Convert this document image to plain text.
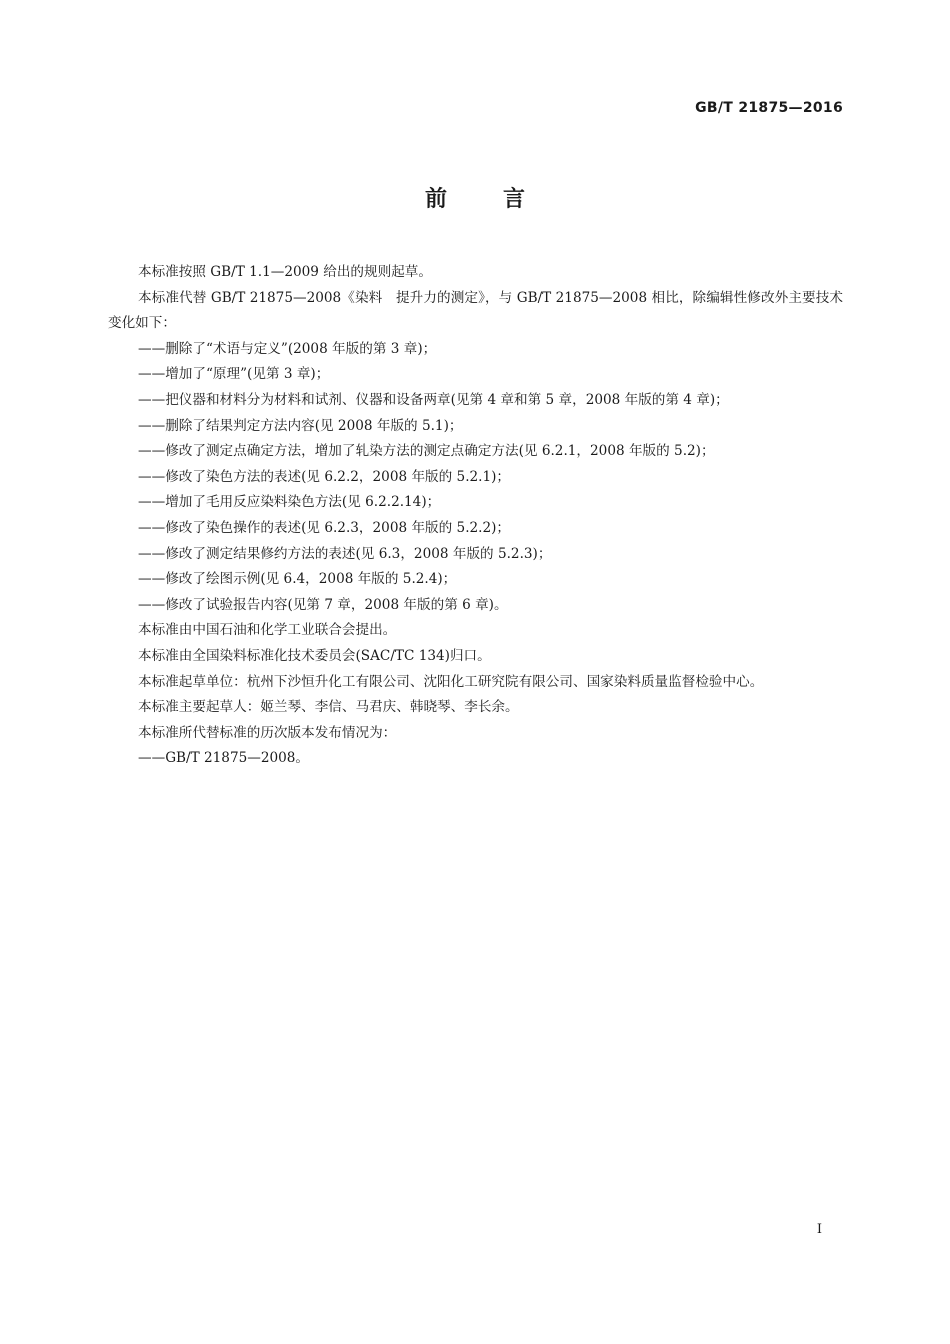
GB/T 21875—2016
前言

本标准按照 GB/T 1.1—2009 给出的规则起草。

本标准代替 GB/T 21875—2008《染料　提升力的测定》，与 GB/T 21875—2008 相比，除编辑性修改外主要技术变化如下：

——删除了“术语与定义”(2008 年版的第 3 章)；

——增加了“原理”(见第 3 章)；

——把仪器和材料分为材料和试剂、仪器和设备两章(见第 4 章和第 5 章，2008 年版的第 4 章)；

——删除了结果判定方法内容(见 2008 年版的 5.1)；

——修改了测定点确定方法，增加了轧染方法的测定点确定方法(见 6.2.1，2008 年版的 5.2)；

——修改了染色方法的表述(见 6.2.2，2008 年版的 5.2.1)；

——增加了毛用反应染料染色方法(见 6.2.2.14)；

——修改了染色操作的表述(见 6.2.3，2008 年版的 5.2.2)；

——修改了测定结果修约方法的表述(见 6.3，2008 年版的 5.2.3)；

——修改了绘图示例(见 6.4，2008 年版的 5.2.4)；

——修改了试验报告内容(见第 7 章，2008 年版的第 6 章)。

本标准由中国石油和化学工业联合会提出。

本标准由全国染料标准化技术委员会(SAC/TC 134)归口。

本标准起草单位：杭州下沙恒升化工有限公司、沈阳化工研究院有限公司、国家染料质量监督检验中心。

本标准主要起草人：姬兰琴、李信、马君庆、韩晓琴、李长余。

本标准所代替标准的历次版本发布情况为：

——GB/T 21875—2008。

I
